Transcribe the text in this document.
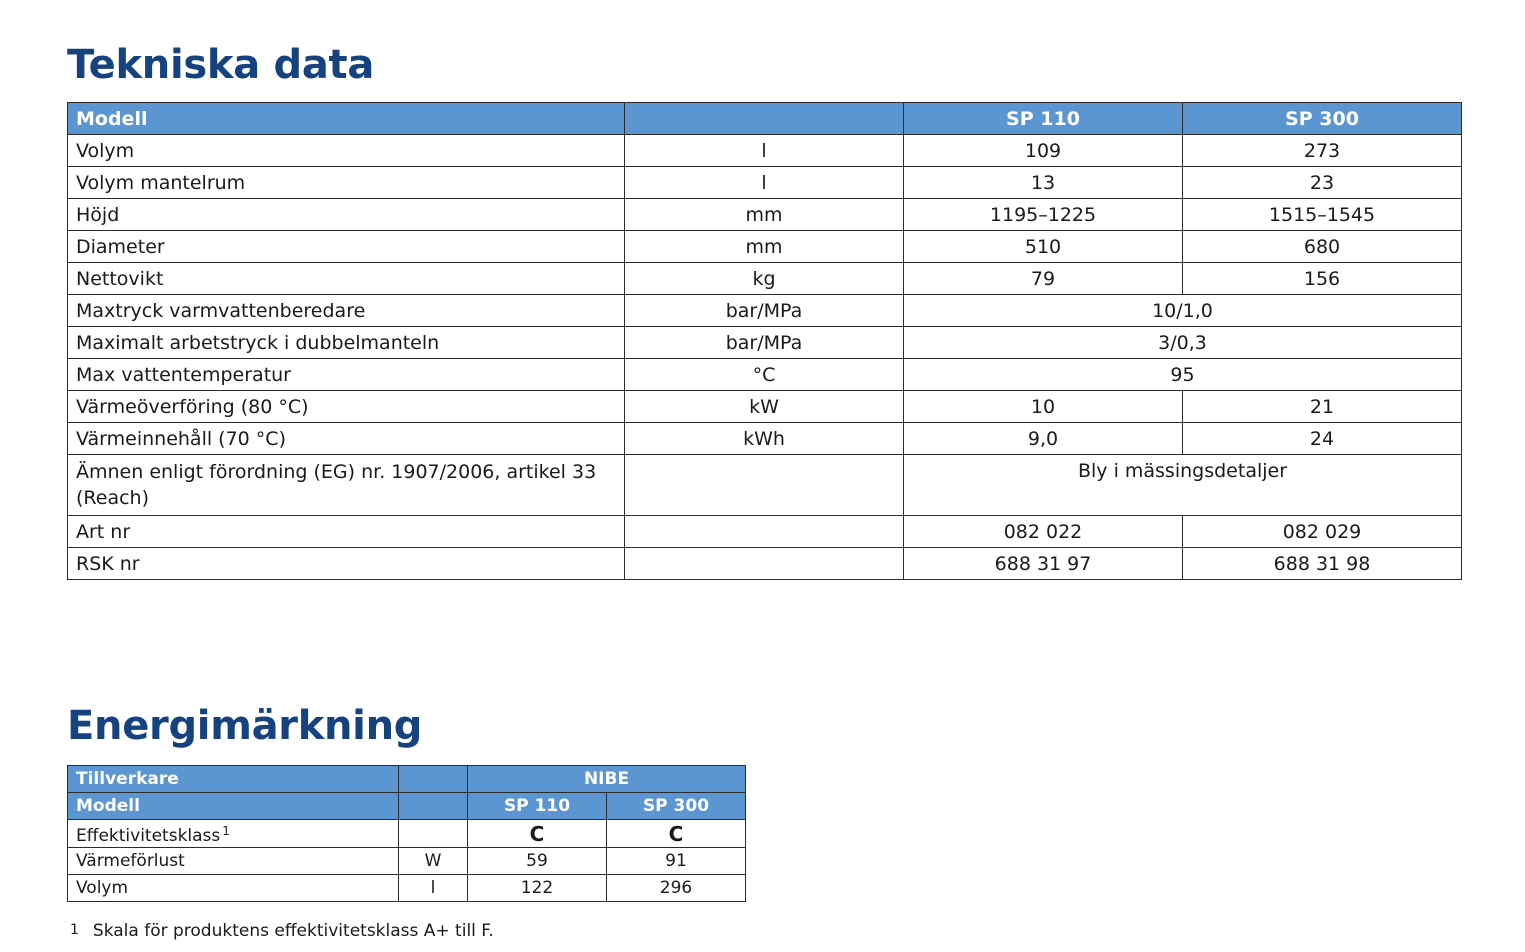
Tekniska data
Modell		SP 110	SP 300
Volym	l	109	273
Volym mantelrum	l	13	23
Höjd	mm	1195–1225	1515–1545
Diameter	mm	510	680
Nettovikt	kg	79	156
Maxtryck varmvattenberedare	bar/MPa	10/1,0	
Maximalt arbetstryck i dubbelmanteln	bar/MPa	3/0,3	
Max vattentemperatur	°C	95	
Värmeöverföring (80 °C)	kW	10	21
Värmeinnehåll (70 °C)	kWh	9,0	24
Ämnen enligt förordning (EG) nr. 1907/2006, artikel 33 (Reach)		Bly i mässingsdetaljer	
Art nr		082 022	082 029
RSK nr		688 31 97	688 31 98
Energimärkning
Tillverkare		NIBE	
Modell		SP 110	SP 300
Effektivitetsklass $^1$		C	C
Värmeförlust	W	59	91
Volym	l	122	296
1 Skala för produktens effektivitetsklass A+ till F.
